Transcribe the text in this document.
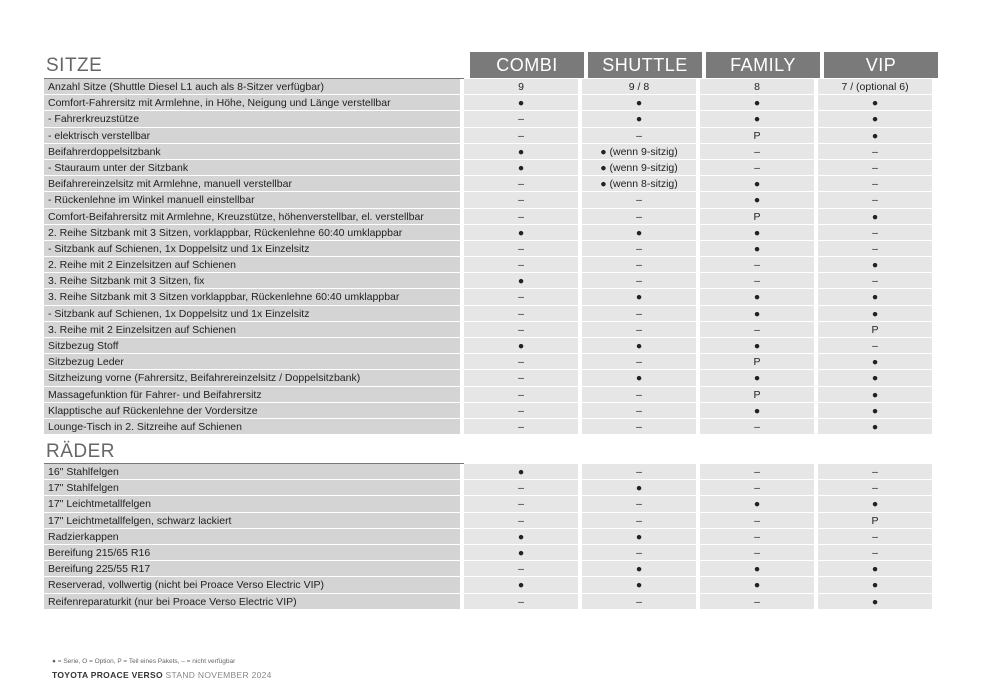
SITZE	COMBI	SHUTTLE	FAMILY	VIP
Anzahl Sitze (Shuttle Diesel L1 auch als 8-Sitzer verfügbar)	9	9 / 8	8	7 / (optional 6)
Comfort-Fahrersitz mit Armlehne, in Höhe, Neigung und Länge verstellbar	●	●	●	●
- Fahrerkreuzstütze	–	●	●	●
- elektrisch verstellbar	–	–	P	●
Beifahrerdoppelsitzbank	●	● (wenn 9-sitzig)	–	–
- Stauraum unter der Sitzbank	●	● (wenn 9-sitzig)	–	–
Beifahrereinzelsitz mit Armlehne, manuell verstellbar	–	● (wenn 8-sitzig)	●	–
- Rückenlehne im Winkel manuell einstellbar	–	–	●	–
Comfort-Beifahrersitz mit Armlehne, Kreuzstütze, höhenverstellbar, el. verstellbar	–	–	P	●
2. Reihe Sitzbank mit 3 Sitzen, vorklappbar, Rückenlehne 60:40 umklappbar	●	●	●	–
- Sitzbank auf Schienen, 1x Doppelsitz und 1x Einzelsitz	–	–	●	–
2. Reihe mit 2 Einzelsitzen auf Schienen	–	–	–	●
3. Reihe Sitzbank mit 3 Sitzen, fix	●	–	–	–
3. Reihe Sitzbank mit 3 Sitzen vorklappbar, Rückenlehne 60:40 umklappbar	–	●	●	●
- Sitzbank auf Schienen, 1x Doppelsitz und 1x Einzelsitz	–	–	●	●
3. Reihe mit 2 Einzelsitzen auf Schienen	–	–	–	P
Sitzbezug Stoff	●	●	●	–
Sitzbezug Leder	–	–	P	●
Sitzheizung vorne (Fahrersitz, Beifahrereinzelsitz / Doppelsitzbank)	–	●	●	●
Massagefunktion für Fahrer- und Beifahrersitz	–	–	P	●
Klapptische auf Rückenlehne der Vordersitze	–	–	●	●
Lounge-Tisch in 2. Sitzreihe auf Schienen	–	–	–	●
RÄDER
16" Stahlfelgen	●	–	–	–
17" Stahlfelgen	–	●	–	–
17" Leichtmetallfelgen	–	–	●	●
17" Leichtmetallfelgen, schwarz lackiert	–	–	–	P
Radzierkappen	●	●	–	–
Bereifung 215/65 R16	●	–	–	–
Bereifung 225/55 R17	–	●	●	●
Reserverad, vollwertig (nicht bei Proace Verso Electric VIP)	●	●	●	●
Reifenreparaturkit (nur bei Proace Verso Electric VIP)	–	–	–	●
● = Serie, O = Option, P = Teil eines Pakets, – = nicht verfügbar
TOYOTA PROACE VERSO STAND NOVEMBER 2024
